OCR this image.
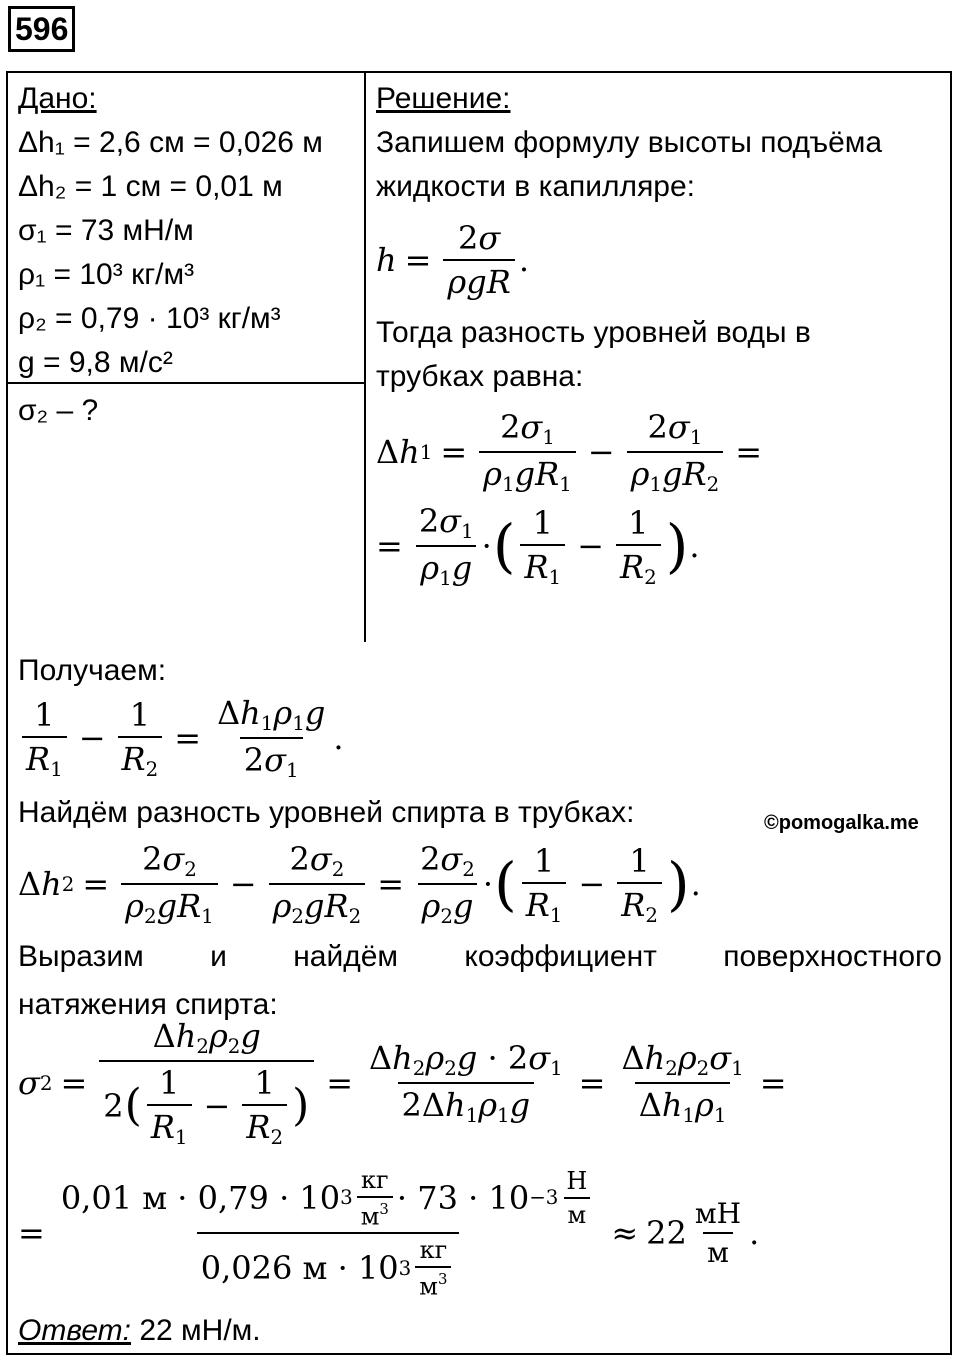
596
Дано:
Δh₁ = 2,6 см = 0,026 м
Δh₂ = 1 см = 0,01 м
σ₁ = 73 мН/м
ρ₁ = 10³ кг/м³
ρ₂ = 0,79 · 10³ кг/м³
g = 9,8 м/с²
σ₂ – ?
Решение:
Запишем формулу высоты подъёма
жидкости в капилляре:
$h = \frac{2\sigma}{\text{ρgR}}$ .
Тогда разность уровней воды в
трубках равна:
Δ h $1 = \frac{2\sigma_1}{\rho_1gR_1} - \frac{2\sigma_1}{\rho_1gR_2}$ =
= $\frac{2\sigma_1}{\rho_1g}$ · ( $\frac{1}{R_1} - \frac{1}{R_2}$ ) .
Получаем:
$\frac{1}{R_1} - \frac{1}{R_2} = \frac{\Delta h_1\rho_1g}{2\sigma_1}$ .
Найдём разность уровней спирта в трубках:
Δ h $2 = \frac{2\sigma_2}{\rho_2gR_1} - \frac{2\sigma_2}{\rho_2gR_2} = \frac{2\sigma_2}{\rho_2g}$ · ( $\frac{1}{R_1} - \frac{1}{R_2}$ ) .
Выразим и найдём коэффициент поверхностного
натяжения спирта:
σ $2 = \frac{\Delta h_2\rho_2g}{2 ( \frac{1}{R_1} - \frac{1}{R_2} )} = \frac{\Delta h_2\rho_2g \cdot 2\sigma_1}{2\Delta h_1\rho_1g} = \frac{\Delta h_2\rho_2\sigma_1}{\Delta h_1\rho_1}$ =
= $\frac{0,01 м \cdot 0,79 \cdot 10 3 \frac{кг}{м^3} \cdot 73 \cdot 10 -3 \frac{Н}{м}}{0,026 м \cdot 10 3 \frac{кг}{м^3}} \approx 22 \frac{мН}{м}$ .
Ответ: 22 мН/м.
©pomogalka.me
